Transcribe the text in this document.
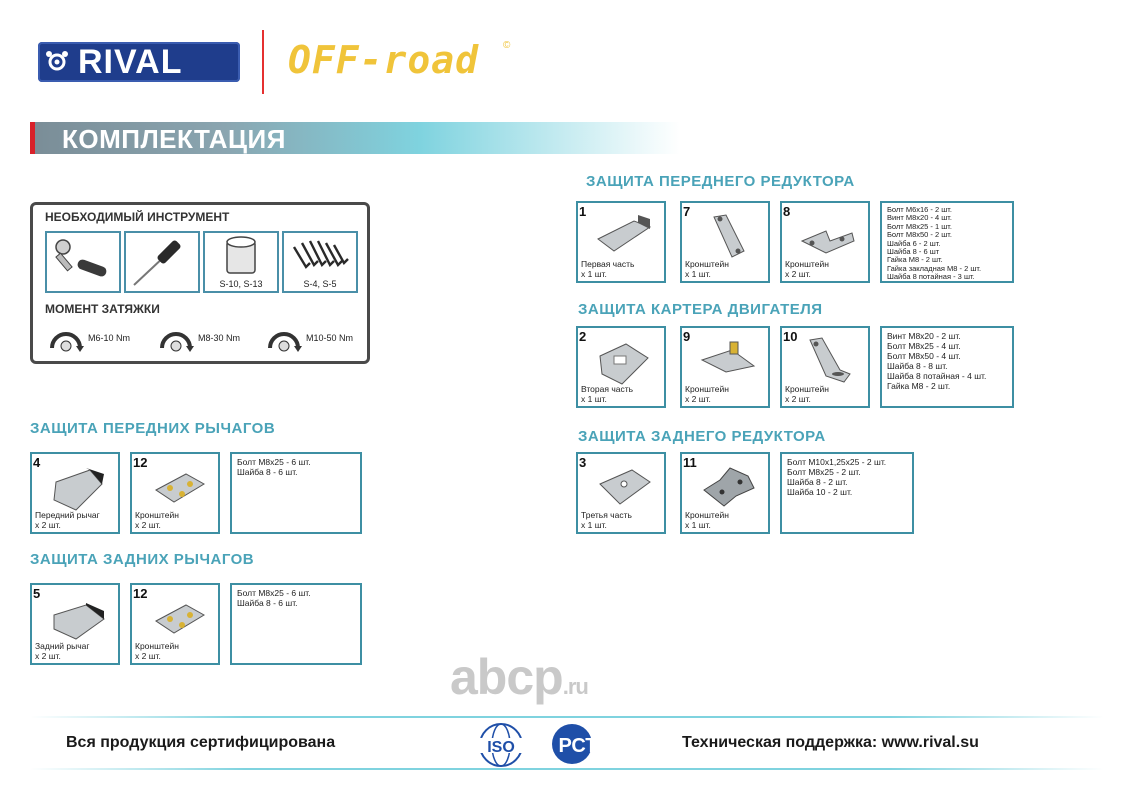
RIVAL	OFF-road ©
КОМПЛЕКТАЦИЯ
НЕОБХОДИМЫЙ ИНСТРУМЕНТ
S-10, S-13	S-4, S-5
МОМЕНТ ЗАТЯЖКИ
M6-10 Nm	M8-30 Nm	M10-50 Nm
ЗАЩИТА ПЕРЕДНИХ РЫЧАГОВ
4
Передний рычаг
х 2 шт.
12
Кронштейн
х 2 шт.
Болт М8х25 - 6 шт.
Шайба 8 - 6 шт.
ЗАЩИТА ЗАДНИХ РЫЧАГОВ
5
Задний рычаг
х 2 шт.
12
Кронштейн
х 2 шт.
Болт М8х25 - 6 шт.
Шайба 8 - 6 шт.
ЗАЩИТА ПЕРЕДНЕГО РЕДУКТОРА
1
Первая часть
х 1 шт.
7
Кронштейн
х 1 шт.
8
Кронштейн
х 2 шт.
Болт М6х16 - 2 шт.
Винт М8х20 - 4 шт.
Болт М8х25 - 1 шт.
Болт М8х50 - 2 шт.
Шайба 6 - 2 шт.
Шайба 8 - 6 шт
Гайка М8 - 2 шт.
Гайка закладная М8 - 2 шт.
Шайба 8 потайная - 3 шт.
ЗАЩИТА КАРТЕРА ДВИГАТЕЛЯ
2
Вторая часть
х 1 шт.
9
Кронштейн
х 2 шт.
10
Кронштейн
х 2 шт.
Винт М8х20 - 2 шт.
Болт М8х25 - 4 шт.
Болт М8х50 - 4 шт.
Шайба 8 - 8 шт.
Шайба 8 потайная - 4 шт.
Гайка М8 - 2 шт.
ЗАЩИТА ЗАДНЕГО РЕДУКТОРА
3
Третья часть
х 1 шт.
11
Кронштейн
х 1 шт.
Болт М10х1,25х25 - 2 шт.
Болт М8х25 - 2 шт.
Шайба 8 - 2 шт.
Шайба 10 - 2 шт.
abcp.ru
Вся продукция сертифицирована	ISO РСТ	Техническая поддержка: www.rival.su
